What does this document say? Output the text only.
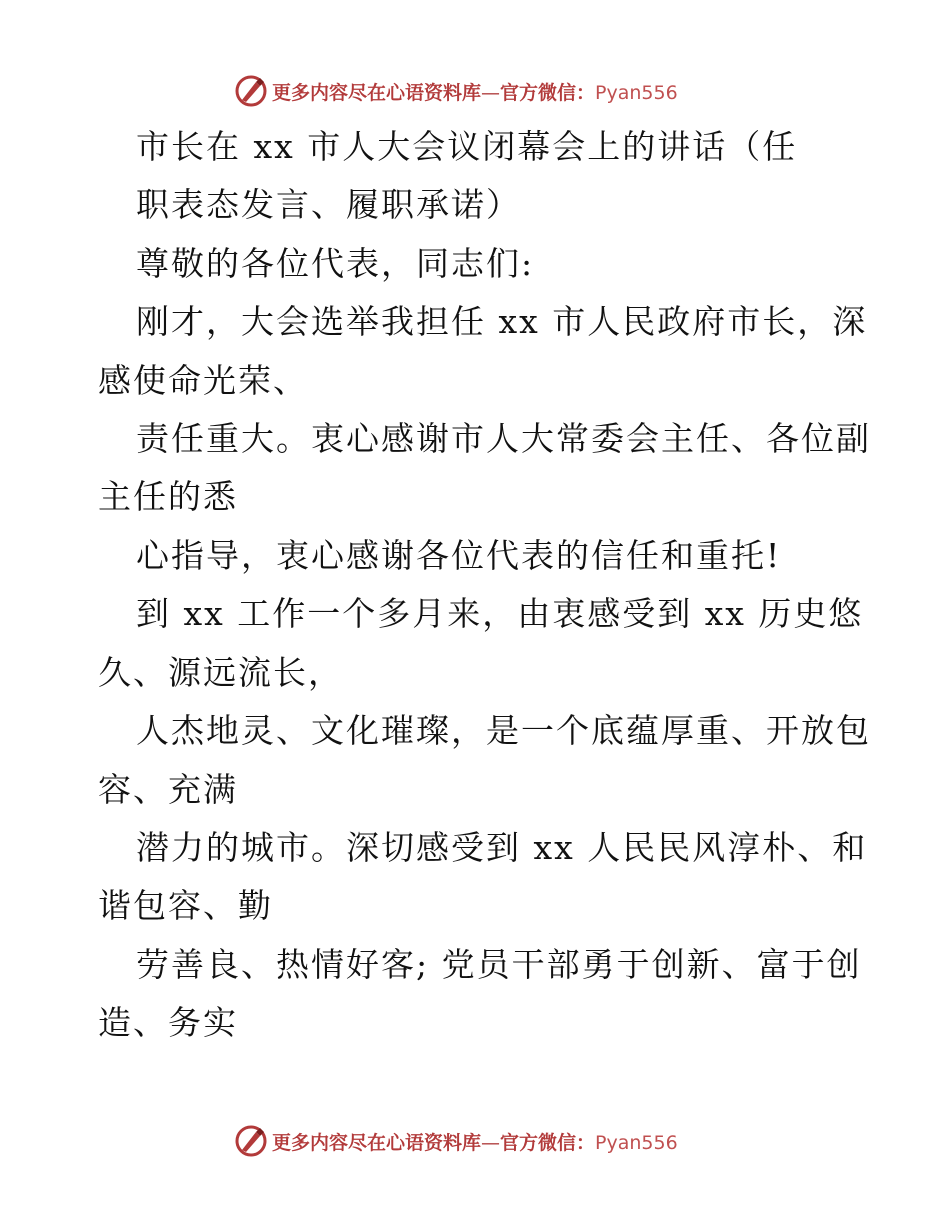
更多内容尽在心语资料库—官方微信：Pyan556
市长在 xx 市人大会议闭幕会上的讲话（任
职表态发言、履职承诺）
尊敬的各位代表，同志们:
刚才，大会选举我担任 xx 市人民政府市长，深
感使命光荣、
责任重大。衷心感谢市人大常委会主任、各位副
主任的悉
心指导，衷心感谢各位代表的信任和重托!
到 xx 工作一个多月来，由衷感受到 xx 历史悠
久、源远流长，
人杰地灵、文化璀璨，是一个底蕴厚重、开放包
容、充满
潜力的城市。深切感受到 xx 人民民风淳朴、和
谐包容、勤
劳善良、热情好客; 党员干部勇于创新、富于创
造、务实
更多内容尽在心语资料库—官方微信：Pyan556
